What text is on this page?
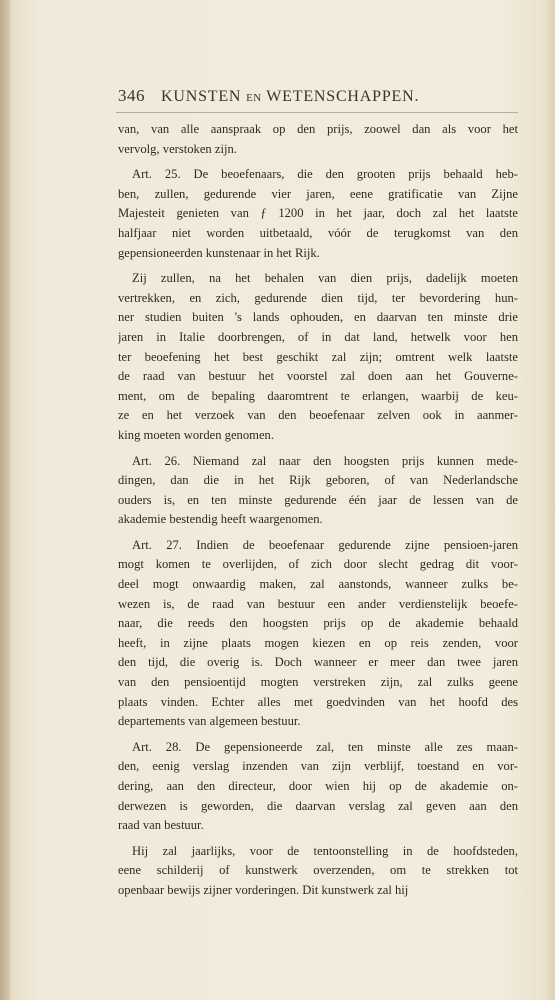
346 KUNSTEN EN WETENSCHAPPEN.
van, van alle aanspraak op den prijs, zoowel dan als voor het
vervolg, verstoken zijn.
Art. 25. De beoefenaars, die den grooten prijs behaald heb-
ben, zullen, gedurende vier jaren, eene gratificatie van Zijne
Majesteit genieten van ƒ 1200 in het jaar, doch zal het laatste
halfjaar niet worden uitbetaald, vóór de terugkomst van den
gepensioneerden kunstenaar in het Rijk.
Zij zullen, na het behalen van dien prijs, dadelijk moeten
vertrekken, en zich, gedurende dien tijd, ter bevordering hun-
ner studien buiten 's lands ophouden, en daarvan ten minste drie
jaren in Italie doorbrengen, of in dat land, hetwelk voor hen
ter beoefening het best geschikt zal zijn; omtrent welk laatste
de raad van bestuur het voorstel zal doen aan het Gouverne-
ment, om de bepaling daaromtrent te erlangen, waarbij de keu-
ze en het verzoek van den beoefenaar zelven ook in aanmer-
king moeten worden genomen.
Art. 26. Niemand zal naar den hoogsten prijs kunnen mede-
dingen, dan die in het Rijk geboren, of van Nederlandsche
ouders is, en ten minste gedurende één jaar de lessen van de
akademie bestendig heeft waargenomen.
Art. 27. Indien de beoefenaar gedurende zijne pensioen-jaren
mogt komen te overlijden, of zich door slecht gedrag dit voor-
deel mogt onwaardig maken, zal aanstonds, wanneer zulks be-
wezen is, de raad van bestuur een ander verdienstelijk beoefe-
naar, die reeds den hoogsten prijs op de akademie behaald
heeft, in zijne plaats mogen kiezen en op reis zenden, voor
den tijd, die overig is. Doch wanneer er meer dan twee jaren
van den pensioentijd mogten verstreken zijn, zal zulks geene
plaats vinden. Echter alles met goedvinden van het hoofd des
departements van algemeen bestuur.
Art. 28. De gepensioneerde zal, ten minste alle zes maan-
den, eenig verslag inzenden van zijn verblijf, toestand en vor-
dering, aan den directeur, door wien hij op de akademie on-
derwezen is geworden, die daarvan verslag zal geven aan den
raad van bestuur.
Hij zal jaarlijks, voor de tentoonstelling in de hoofdsteden,
eene schilderij of kunstwerk overzenden, om te strekken tot
openbaar bewijs zijner vorderingen. Dit kunstwerk zal hij
